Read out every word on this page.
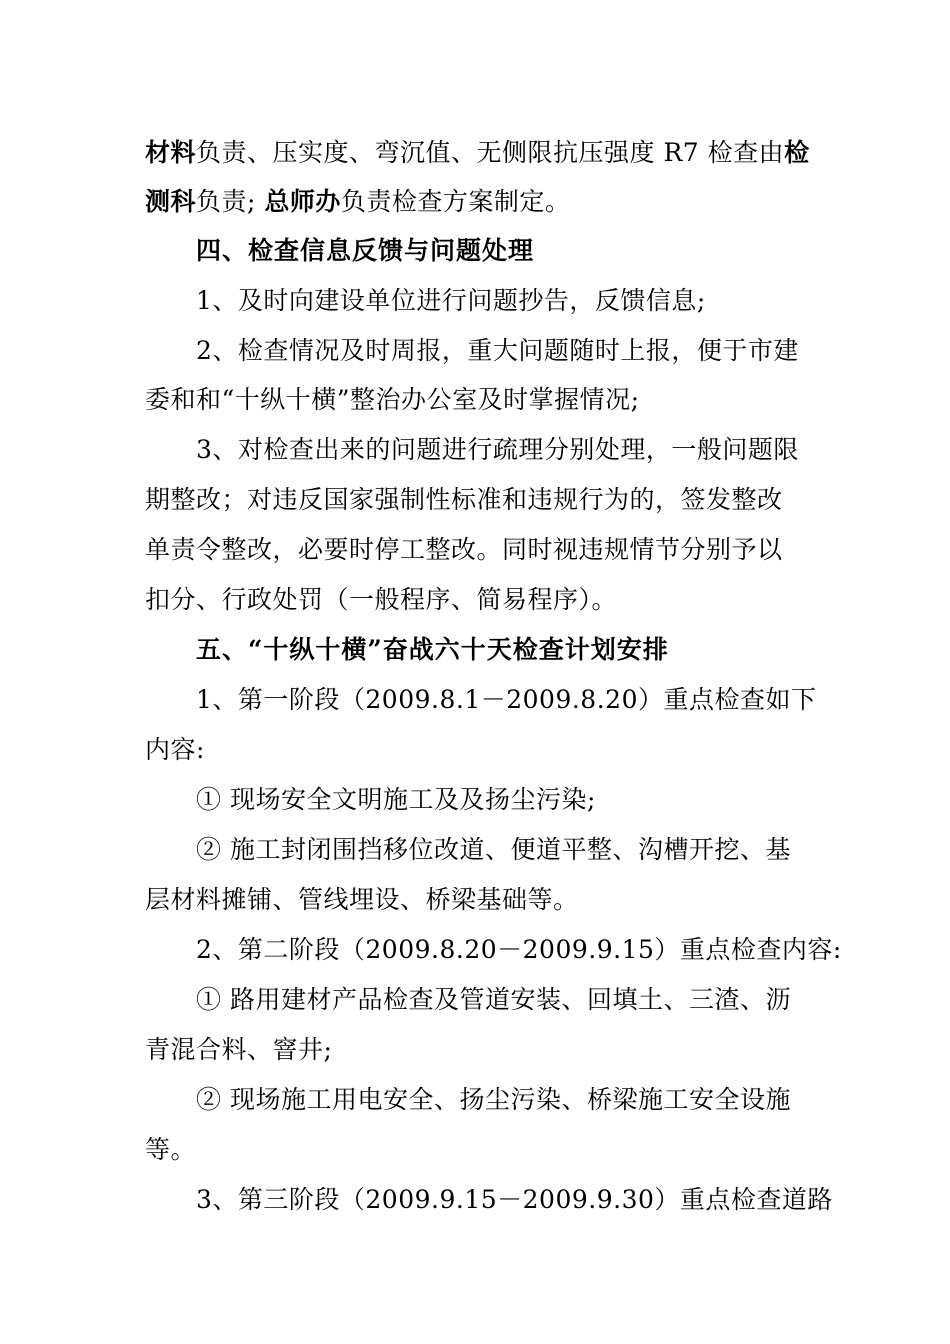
材料负责、压实度、弯沉值、无侧限抗压强度 R7 检查由检
测科负责; 总师办负责检查方案制定。
四、检查信息反馈与问题处理
1、及时向建设单位进行问题抄告，反馈信息;
2、检查情况及时周报，重大问题随时上报，便于市建
委和和“十纵十横”整治办公室及时掌握情况;
3、对检查出来的问题进行疏理分别处理，一般问题限
期整改；对违反国家强制性标准和违规行为的，签发整改
单责令整改，必要时停工整改。同时视违规情节分别予以
扣分、行政处罚（一般程序、简易程序）。
五、“十纵十横”奋战六十天检查计划安排
1、第一阶段（2009.8.1－2009.8.20）重点检查如下
内容:
① 现场安全文明施工及及扬尘污染;
② 施工封闭围挡移位改道、便道平整、沟槽开挖、基
层材料摊铺、管线埋设、桥梁基础等。
2、第二阶段（2009.8.20－2009.9.15）重点检查内容:
① 路用建材产品检查及管道安装、回填土、三渣、沥
青混合料、窨井;
② 现场施工用电安全、扬尘污染、桥梁施工安全设施
等。
3、第三阶段（2009.9.15－2009.9.30）重点检查道路
